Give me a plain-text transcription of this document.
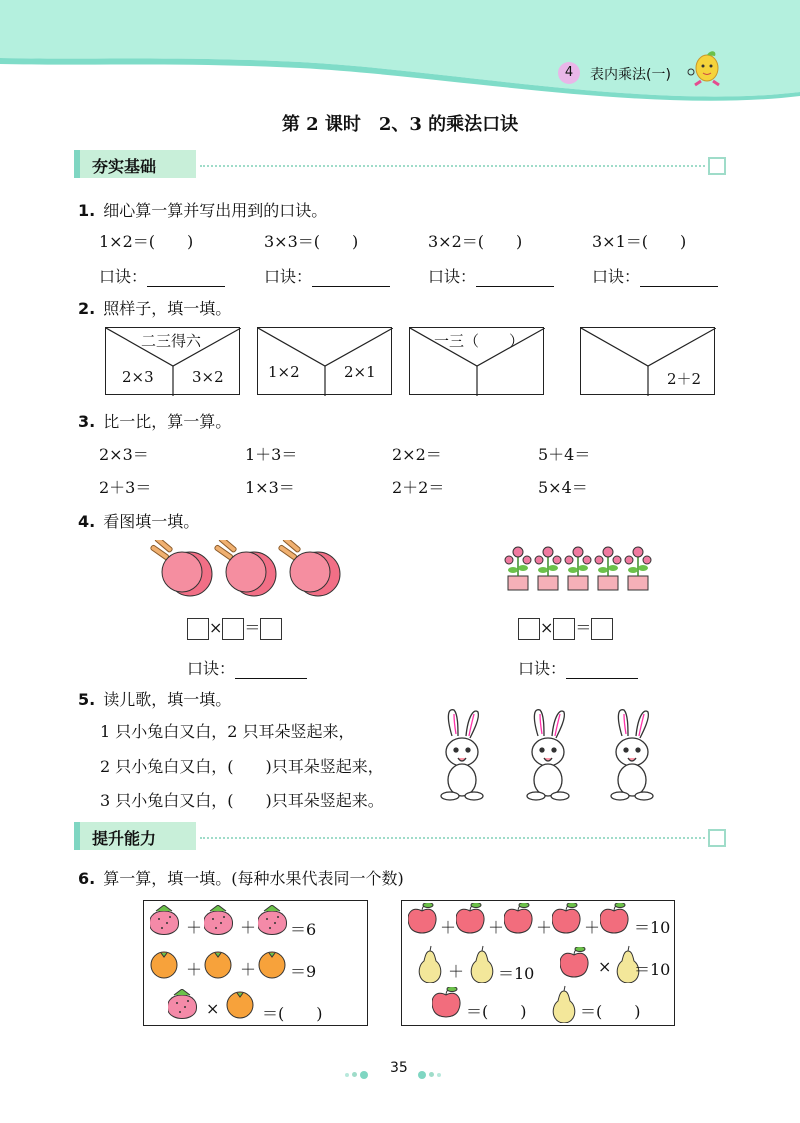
4	表内乘法(一)
第 2 课时　2、3 的乘法口诀
夯实基础
1. 细心算一算并写出用到的口诀。
1×2＝(　　)	3×3＝(　　)	3×2＝(　　)	3×1＝(　　)
口诀：	口诀：	口诀：	口诀：
2. 照样子，填一填。
二三得六
2×3	3×2	1×2	2×1
一三（　　）
2＋2
3. 比一比，算一算。
2×3＝	1＋3＝	2×2＝	5＋4＝
2＋3＝	1×3＝	2＋2＝	5×4＝
4. 看图填一填。
× ＝	× ＝
口诀：	口诀：
5. 读儿歌，填一填。
1 只小兔白又白，2 只耳朵竖起来，
2 只小兔白又白，(　　)只耳朵竖起来，
3 只小兔白又白，(　　)只耳朵竖起来。
提升能力
6. 算一算，填一填。(每种水果代表同一个数)
＋ ＋ ＝6
＋ ＋ ＝9
×	＝(　　)
＋ ＋ ＋ ＋ ＝10
＋ ＝10	× ＝10
＝(　　)	＝(　　)
35
